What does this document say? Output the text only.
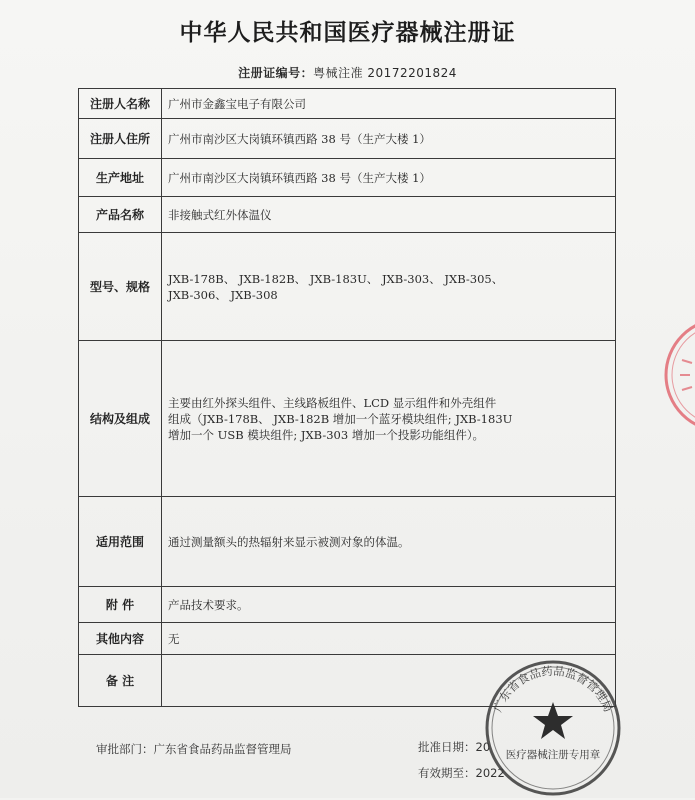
中华人民共和国医疗器械注册证
注册证编号：粤械注准 20172201824
注册人名称	广州市金鑫宝电子有限公司
注册人住所	广州市南沙区大岗镇环镇西路 38 号（生产大楼 1）
生产地址	广州市南沙区大岗镇环镇西路 38 号（生产大楼 1）
产品名称	非接触式红外体温仪
型号、规格	JXB-178B、 JXB-182B、 JXB-183U、 JXB-303、 JXB-305、
JXB-306、 JXB-308

结构及组成	主要由红外探头组件、主线路板组件、LCD 显示组件和外壳组件
组成（JXB-178B、 JXB-182B 增加一个蓝牙模块组件; JXB-183U
增加一个 USB 模块组件; JXB-303 增加一个投影功能组件）。

适用范围	通过测量额头的热辐射来显示被测对象的体温。
附 件	产品技术要求。
其他内容	无
备 注	
审批部门：广东省食品药品监督管理局	批准日期：20
有效期至：2022
广东省食品药品监督管理局
医疗器械注册专用章
